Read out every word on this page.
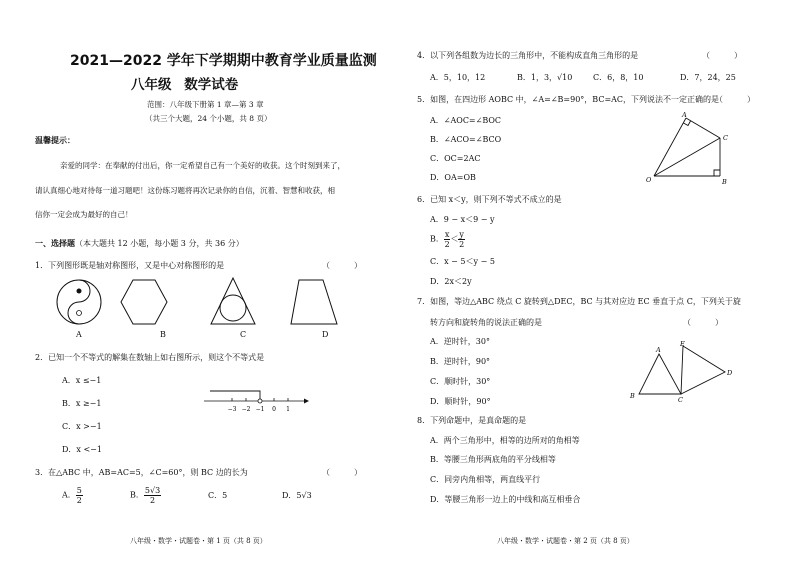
2021—2022 学年下学期期中教育学业质量监测
八年级 数学试卷
范围：八年级下册第 1 章—第 3 章
（共三个大题，24 个小题，共 8 页）
温馨提示：
亲爱的同学：在奉献的付出后，你一定希望自己有一个美好的收获。这个时刻到来了，
请认真细心地对待每一道习题吧！这份练习题将再次记录你的自信，沉着、智慧和收获，相
信你一定会成为最好的自己！
一、选择题（本大题共 12 小题，每小题 3 分，共 36 分）
1．下列图形既是轴对称图形，又是中心对称图形的是	（　　　）
A	B	C	D
2．已知一个不等式的解集在数轴上如右图所示，则这个不等式是
A．x ≤−1
B．x ≥−1
C．x >−1
D．x <−1
−3 −2 −1 0 1
3．在△ABC 中，AB=AC=5，∠C=60°，则 BC 边的长为	（　　　）
A． $\frac{5}{2}$	B． $\frac{5√3}{2}$	C．5	D．5√3
八年级・数学・试题卷・第 1 页（共 8 页）
4．以下列各组数为边长的三角形中，不能构成直角三角形的是	（　　　）
A．5，10，12	B．1，3，√10	C．6，8，10	D．7，24，25
5．如图，在四边形 AOBC 中，∠A=∠B=90°，BC=AC，下列说法不一定正确的是
（　　　）
A．∠AOC=∠BOC
B．∠ACO=∠BCO
C．OC=2AC
D．OA=OB
A
C
O	B
6．已知 x＜y，则下列不等式不成立的是
A．9 − x＜9 − y
B． $\frac{x}{2} < \frac{y}{2}$
C．x − 5＜y − 5
D．2x＜2y
7．如图，等边△ABC 绕点 C 旋转到△DEC，BC 与其对应边 EC 垂直于点 C，下列关于旋
转方向和旋转角的说法正确的是	（　　　）
A．逆时针，30°
B．逆时针，90°
C．顺时针，30°
D．顺时针，90°
A
E
D
B	C
8．下列命题中，是真命题的是
A．两个三角形中，相等的边所对的角相等
B．等腰三角形两底角的平分线相等
C．同旁内角相等，两直线平行
D．等腰三角形一边上的中线和高互相垂合
八年级・数学・试题卷・第 2 页（共 8 页）
